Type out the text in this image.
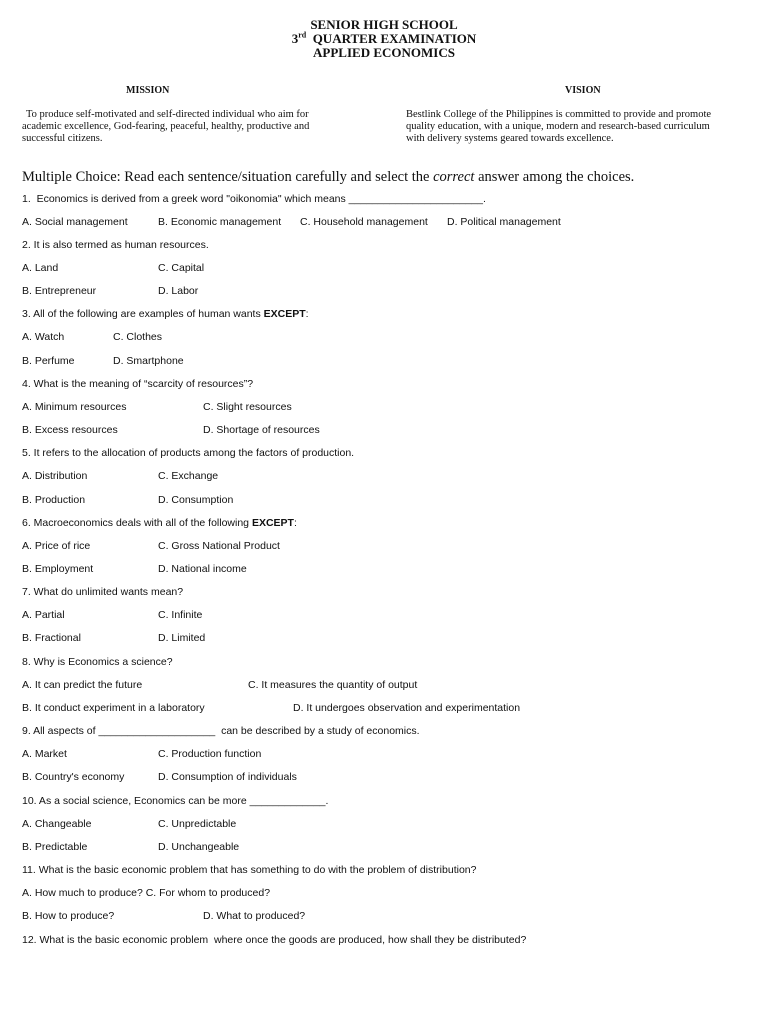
SENIOR HIGH SCHOOL
3rd QUARTER EXAMINATION
APPLIED ECONOMICS
MISSION	VISION
To produce self-motivated and self-directed individual who aim for
academic excellence, God-fearing, peaceful, healthy, productive and
successful citizens.
Bestlink College of the Philippines is committed to provide and promote
quality education, with a unique, modern and research-based curriculum
with delivery systems geared towards excellence.
Multiple Choice: Read each sentence/situation carefully and select the correct answer among the choices.
1.  Economics is derived from a greek word "oikonomia" which means _______________________.
A. Social management	B. Economic management C. Household management D. Political management
2. It is also termed as human resources.
A. Land	C. Capital
B. Entrepreneur	D. Labor
3. All of the following are examples of human wants EXCEPT:
A. Watch	C. Clothes
B. Perfume	D. Smartphone
4. What is the meaning of “scarcity of resources”?
A. Minimum resources	C. Slight resources
B. Excess resources	D. Shortage of resources
5. It refers to the allocation of products among the factors of production.
A. Distribution	C. Exchange
B. Production	D. Consumption
6. Macroeconomics deals with all of the following EXCEPT:
A. Price of rice	C. Gross National Product
B. Employment	D. National income
7. What do unlimited wants mean?
A. Partial	C. Infinite
B. Fractional	D. Limited
8. Why is Economics a science?
A. It can predict the future	C. It measures the quantity of output
B. It conduct experiment in a laboratory	D. It undergoes observation and experimentation
9. All aspects of ____________________  can be described by a study of economics.
A. Market	C. Production function
B. Country's economy	D. Consumption of individuals
10. As a social science, Economics can be more _____________.
A. Changeable	C. Unpredictable
B. Predictable	D. Unchangeable
11. What is the basic economic problem that has something to do with the problem of distribution?
A. How much to produce? C. For whom to produced?
B. How to produce?	D. What to produced?
12. What is the basic economic problem  where once the goods are produced, how shall they be distributed?
